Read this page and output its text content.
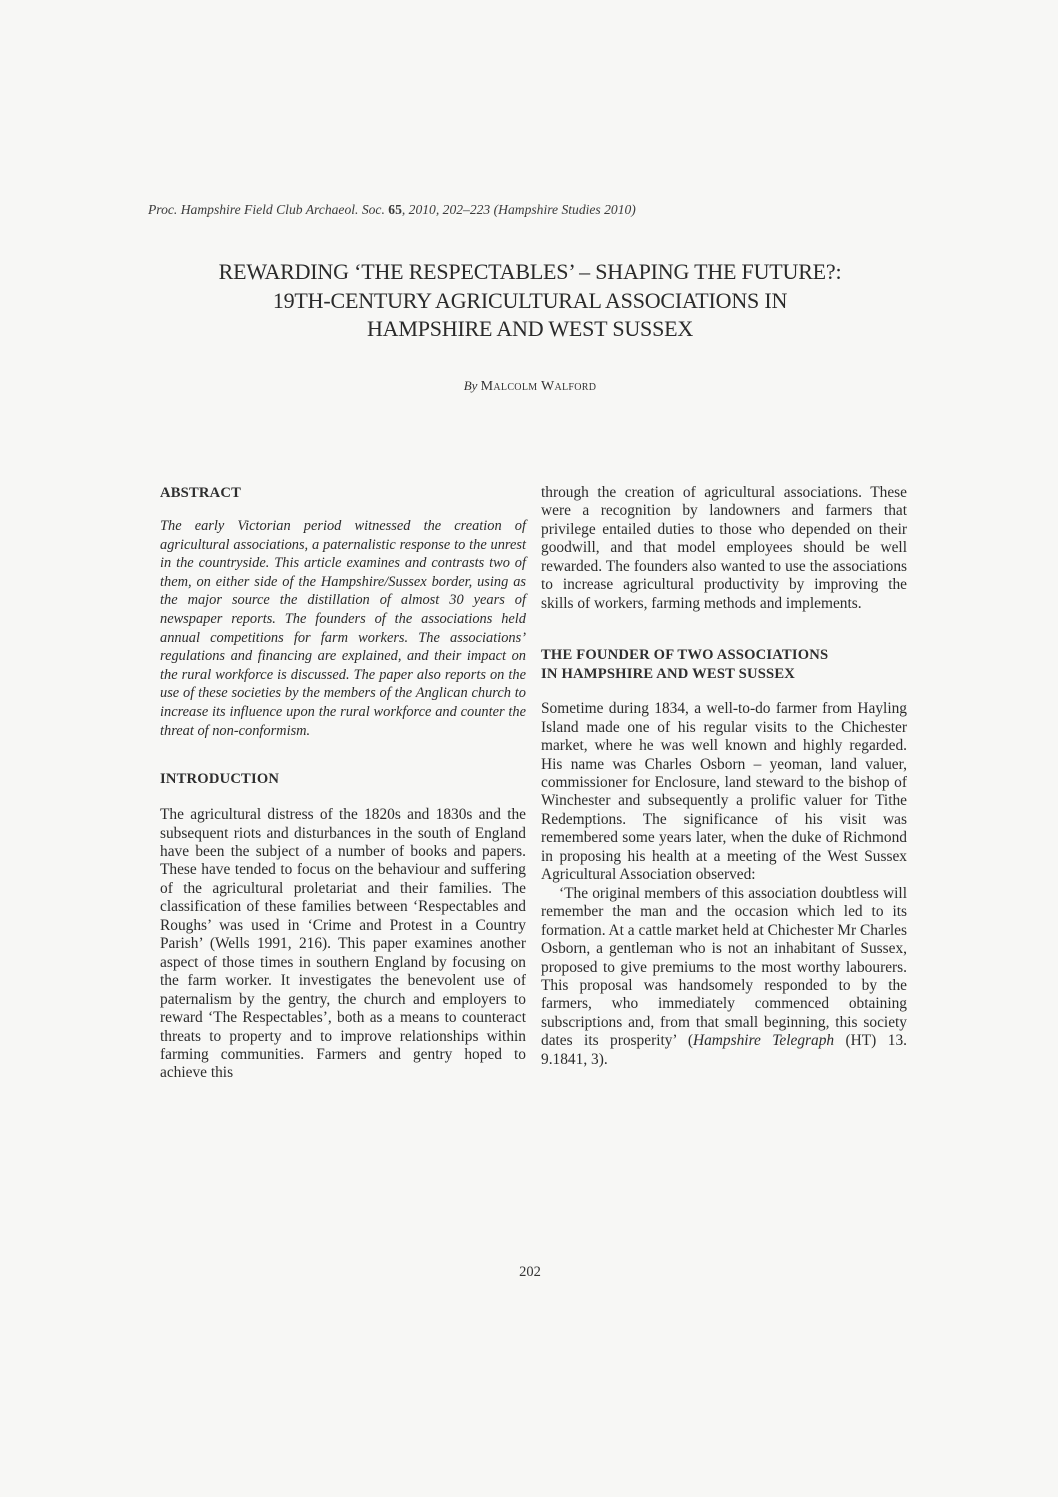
Proc. Hampshire Field Club Archaeol. Soc. 65, 2010, 202–223 (Hampshire Studies 2010)
REWARDING ‘THE RESPECTABLES’ – SHAPING THE FUTURE?:
19TH-CENTURY AGRICULTURAL ASSOCIATIONS IN
HAMPSHIRE AND WEST SUSSEX
By Malcolm Walford
ABSTRACT

The early Victorian period witnessed the creation of agricultural associations, a paternalistic response to the unrest in the countryside. This article examines and contrasts two of them, on either side of the Hampshire/Sussex border, using as the major source the distillation of almost 30 years of newspaper reports. The founders of the associations held annual competitions for farm workers. The associations’ regulations and financing are explained, and their impact on the rural workforce is discussed. The paper also reports on the use of these societies by the members of the Anglican church to increase its influence upon the rural workforce and counter the threat of non-conformism.

INTRODUCTION

The agricultural distress of the 1820s and 1830s and the subsequent riots and disturbances in the south of England have been the subject of a number of books and papers. These have tended to focus on the behaviour and suffering of the agricultural proletariat and their families. The classification of these families between ‘Respectables and Roughs’ was used in ‘Crime and Protest in a Country Parish’ (Wells 1991, 216). This paper examines another aspect of those times in southern England by focusing on the farm worker. It investigates the benevolent use of paternalism by the gentry, the church and employers to reward ‘The Respectables’, both as a means to counteract threats to property and to improve relationships within farming communities. Farmers and gentry hoped to achieve this

through the creation of agricultural associations. These were a recognition by landowners and farmers that privilege entailed duties to those who depended on their goodwill, and that model employees should be well rewarded. The founders also wanted to use the associations to increase agricultural productivity by improving the skills of workers, farming methods and implements.

THE FOUNDER OF TWO ASSOCIATIONS
IN HAMPSHIRE AND WEST SUSSEX

Sometime during 1834, a well-to-do farmer from Hayling Island made one of his regular visits to the Chichester market, where he was well known and highly regarded. His name was Charles Osborn – yeoman, land valuer, commissioner for Enclosure, land steward to the bishop of Winchester and subsequently a prolific valuer for Tithe Redemptions. The significance of his visit was remembered some years later, when the duke of Richmond in proposing his health at a meeting of the West Sussex Agricultural Association observed:

‘The original members of this association doubtless will remember the man and the occasion which led to its formation. At a cattle market held at Chichester Mr Charles Osborn, a gentleman who is not an inhabitant of Sussex, proposed to give premiums to the most worthy labourers. This proposal was handsomely responded to by the farmers, who immediately commenced obtaining subscriptions and, from that small beginning, this society dates its prosperity’ (Hampshire Telegraph (HT) 13. 9.1841, 3).

202
